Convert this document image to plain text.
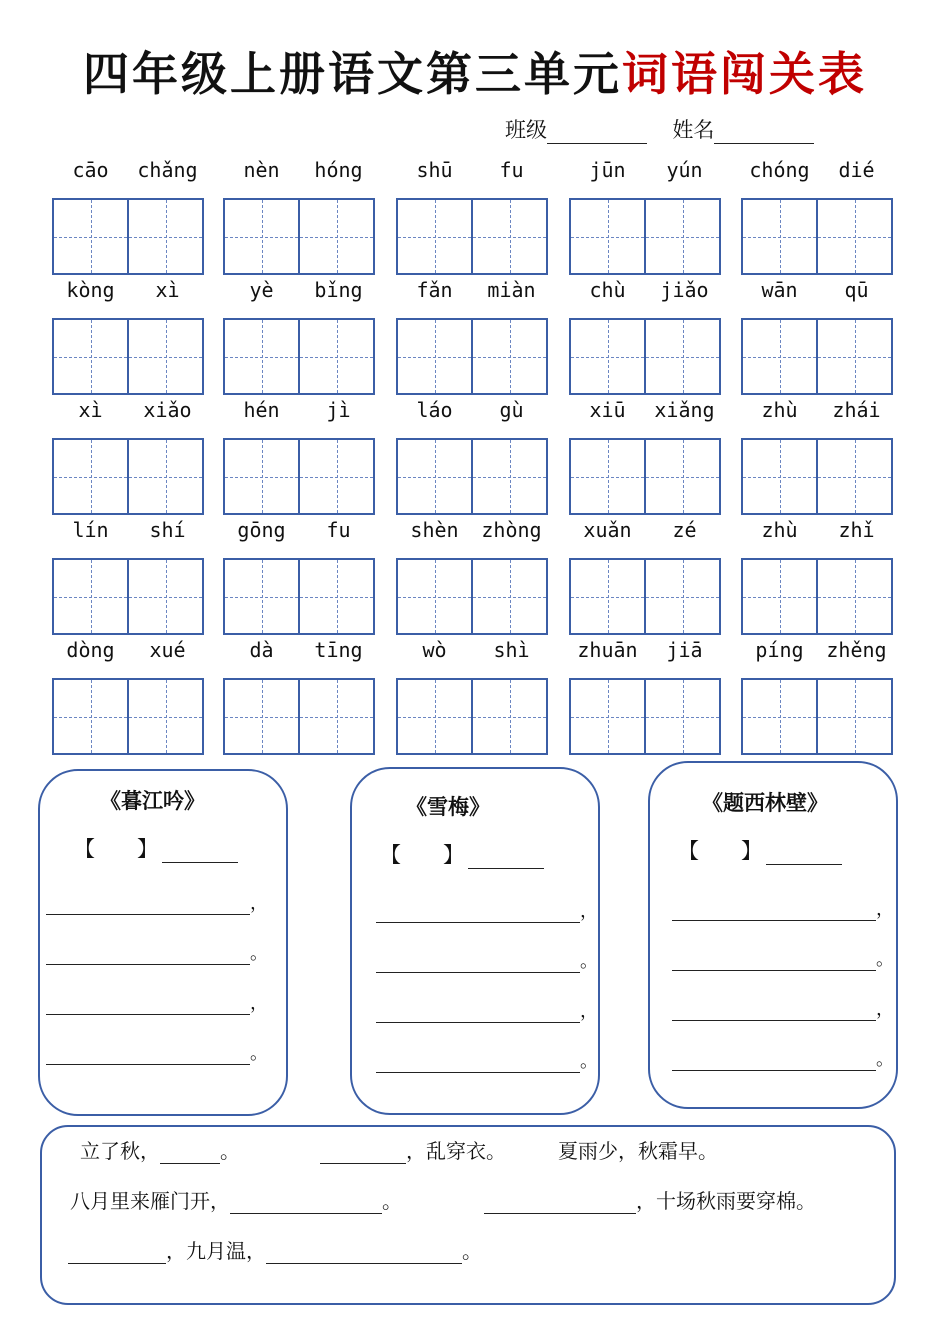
四年级上册语文第三单元词语闯关表
班级	姓名
cāo	chǎng	nèn	hóng	shū	fu	jūn	yún	chóng	dié
kòng	xì	yè	bǐng	fǎn	miàn	chù	jiǎo	wān	qū
xì	xiǎo	hén	jì	láo	gù	xiū	xiǎng	zhù	zhái
lín	shí	gōng	fu	shèn	zhòng	xuǎn	zé	zhù	zhǐ
dòng	xué	dà	tīng	wò	shì	zhuān	jiā	píng	zhěng
《暮江吟》
【　　】
，
。
，
。
《雪梅》
【　　】
，
。
，
。
《题西林壁》
【　　】
，
。
，
。
立了秋，	。	，乱穿衣。	夏雨少，秋霜早。
八月里来雁门开，	。	，十场秋雨要穿棉。
，九月温，	。
